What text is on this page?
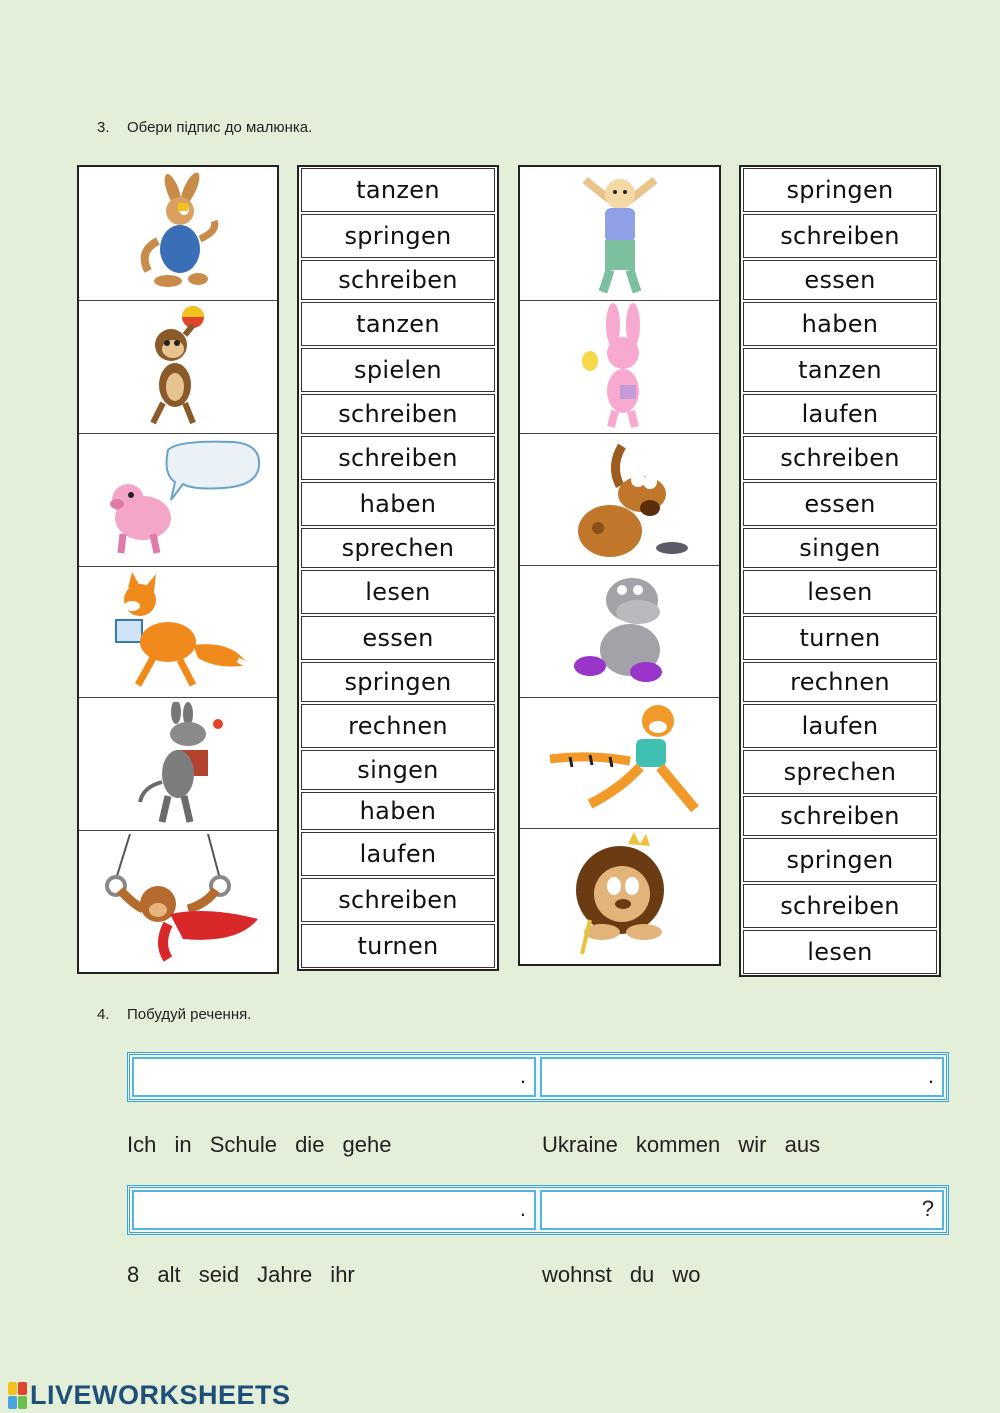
3. Обери підпис до малюнка.
tanzen
springen
schreiben
tanzen
spielen
schreiben
schreiben
haben
sprechen
lesen
essen
springen
rechnen
singen
haben
laufen
schreiben
turnen
springen
schreiben
essen
haben
tanzen
laufen
schreiben
essen
singen
lesen
turnen
rechnen
laufen
sprechen
schreiben
springen
schreiben
lesen
4. Побудуй речення.
.	.
Ich in Schule die gehe	Ukraine kommen wir aus
.	?
8 alt seid Jahre ihr	wohnst du wo
LIVEWORKSHEETS
